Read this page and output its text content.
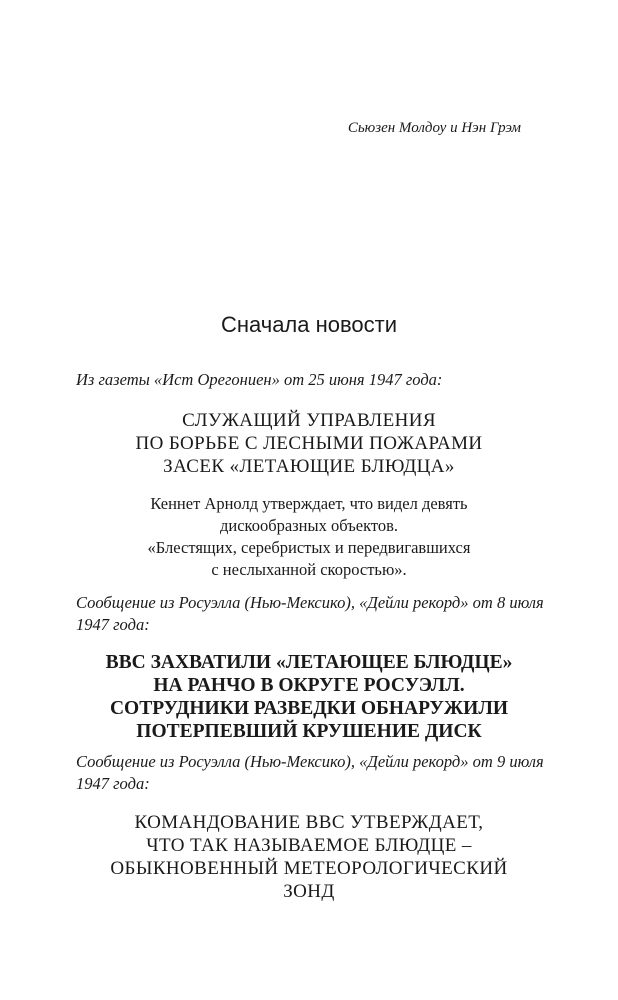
Сьюзен Молдоу и Нэн Грэм
Сначала новости
Из газеты «Ист Орегониен» от 25 июня 1947 года:
СЛУЖАЩИЙ УПРАВЛЕНИЯ
ПО БОРЬБЕ С ЛЕСНЫМИ ПОЖАРАМИ
ЗАСЕК «ЛЕТАЮЩИЕ БЛЮДЦА»
Кеннет Арнолд утверждает, что видел девять
дискообразных объектов.
«Блестящих, серебристых и передвигавшихся
с неслыханной скоростью».
Сообщение из Росуэлла (Нью-Мексико), «Дейли рекорд» от 8 июля 1947 года:
ВВС ЗАХВАТИЛИ «ЛЕТАЮЩЕЕ БЛЮДЦЕ»
НА РАНЧО В ОКРУГЕ РОСУЭЛЛ.
СОТРУДНИКИ РАЗВЕДКИ ОБНАРУЖИЛИ
ПОТЕРПЕВШИЙ КРУШЕНИЕ ДИСК
Сообщение из Росуэлла (Нью-Мексико), «Дейли рекорд» от 9 июля 1947 года:
КОМАНДОВАНИЕ ВВС УТВЕРЖДАЕТ,
ЧТО ТАК НАЗЫВАЕМОЕ БЛЮДЦЕ –
ОБЫКНОВЕННЫЙ МЕТЕОРОЛОГИЧЕСКИЙ
ЗОНД
